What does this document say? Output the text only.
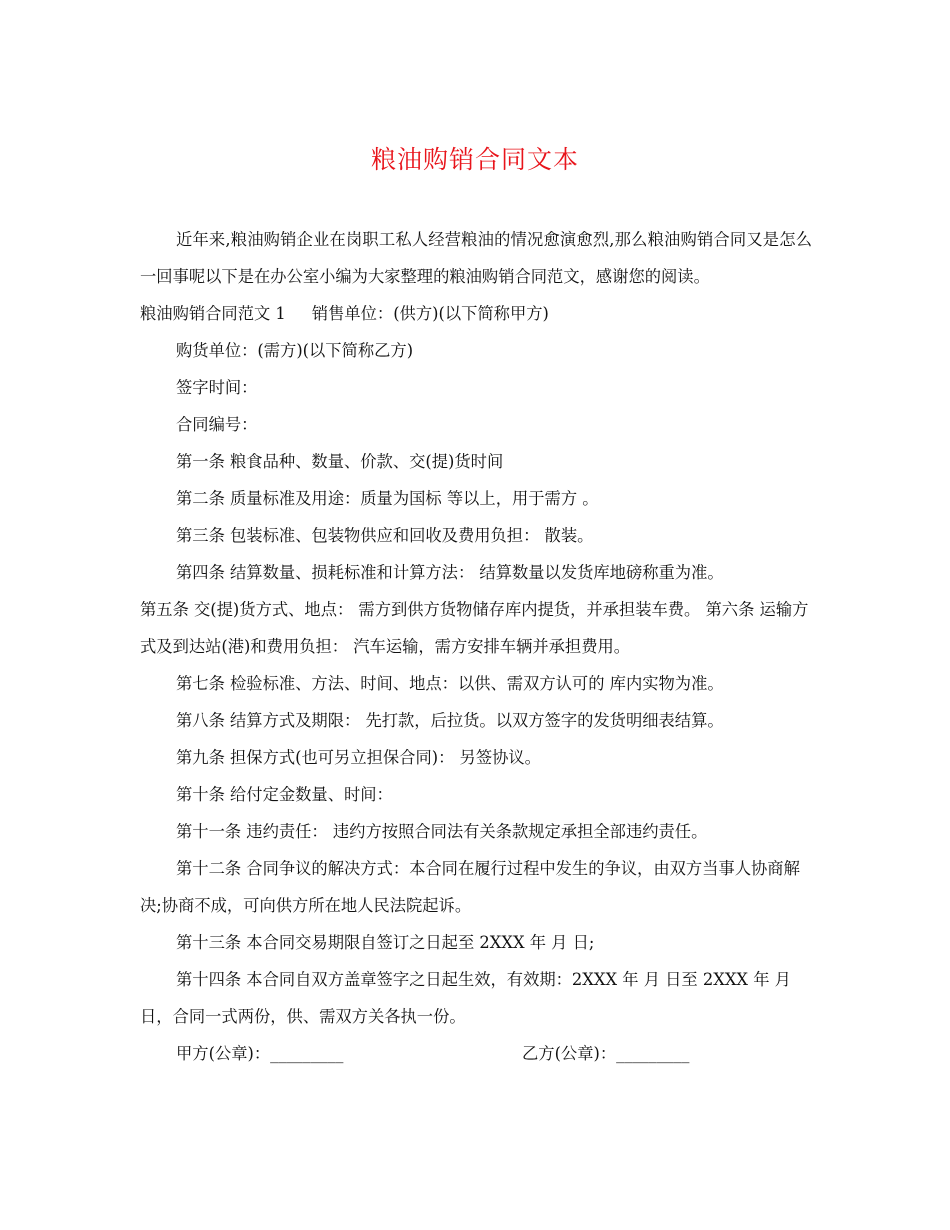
粮油购销合同文本

近年来,粮油购销企业在岗职工私人经营粮油的情况愈演愈烈,那么粮油购销合同又是怎么一回事呢以下是在办公室小编为大家整理的粮油购销合同范文，感谢您的阅读。

粮油购销合同范文 1 销售单位：(供方)(以下简称甲方)

购货单位：(需方)(以下简称乙方)

签字时间：

合同编号：

第一条 粮食品种、数量、价款、交(提)货时间

第二条 质量标准及用途：质量为国标 等以上，用于需方 。

第三条 包装标准、包装物供应和回收及费用负担： 散装。

第四条 结算数量、损耗标准和计算方法： 结算数量以发货库地磅称重为准。

第五条 交(提)货方式、地点： 需方到供方货物储存库内提货，并承担装车费。 第六条 运输方式及到达站(港)和费用负担： 汽车运输，需方安排车辆并承担费用。

第七条 检验标准、方法、时间、地点：以供、需双方认可的 库内实物为准。

第八条 结算方式及期限： 先打款，后拉货。以双方签字的发货明细表结算。

第九条 担保方式(也可另立担保合同)： 另签协议。

第十条 给付定金数量、时间：

第十一条 违约责任： 违约方按照合同法有关条款规定承担全部违约责任。

第十二条 合同争议的解决方式：本合同在履行过程中发生的争议，由双方当事人协商解决;协商不成，可向供方所在地人民法院起诉。

第十三条 本合同交易期限自签订之日起至 2XXX 年 月 日;

第十四条 本合同自双方盖章签字之日起生效，有效期：2XXX 年 月 日至 2XXX 年 月 日，合同一式两份，供、需双方关各执一份。

甲方(公章)：_________	乙方(公章)：_________
